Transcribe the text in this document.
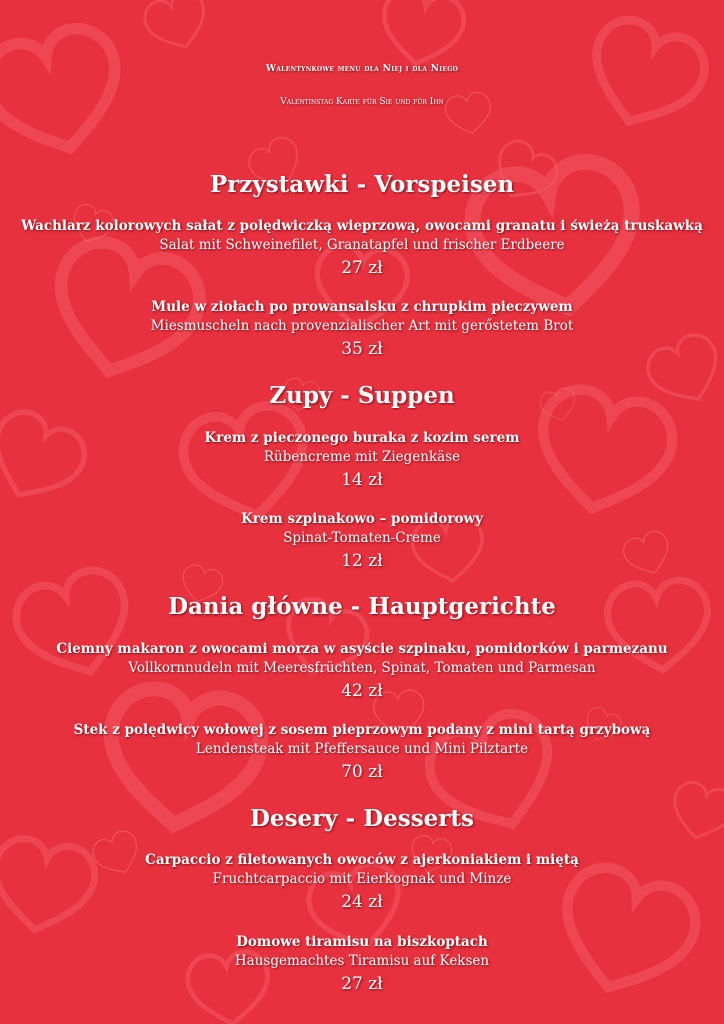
Walentynkowe menu dla Niej i dla Niego
Valentinstag Karte für Sie und für Ihn
Przystawki - Vorspeisen
Wachlarz kolorowych sałat z polędwiczką wieprzową, owocami granatu i świeżą truskawką
Salat mit Schweinefilet, Granatapfel und frischer Erdbeere
27 zł
Mule w ziołach po prowansalsku z chrupkim pieczywem
Miesmuscheln nach provenzialischer Art mit gerőstetem Brot
35 zł
Zupy - Suppen
Krem z pieczonego buraka z kozim serem
Rübencreme mit Ziegenkäse
14 zł
Krem szpinakowo – pomidorowy
Spinat-Tomaten-Creme
12 zł
Dania główne - Hauptgerichte
Ciemny makaron z owocami morza w asyście szpinaku, pomidorków i parmezanu
Vollkornnudeln mit Meeresfrüchten, Spinat, Tomaten und Parmesan
42 zł
Stek z polędwicy wołowej z sosem pieprzowym podany z mini tartą grzybową
Lendensteak mit Pfeffersauce und Mini Pilztarte
70 zł
Desery - Desserts
Carpaccio z filetowanych owoców z ajerkoniakiem i miętą
Fruchtcarpaccio mit Eierkognak und Minze
24 zł
Domowe tiramisu na biszkoptach
Hausgemachtes Tiramisu auf Keksen
27 zł
